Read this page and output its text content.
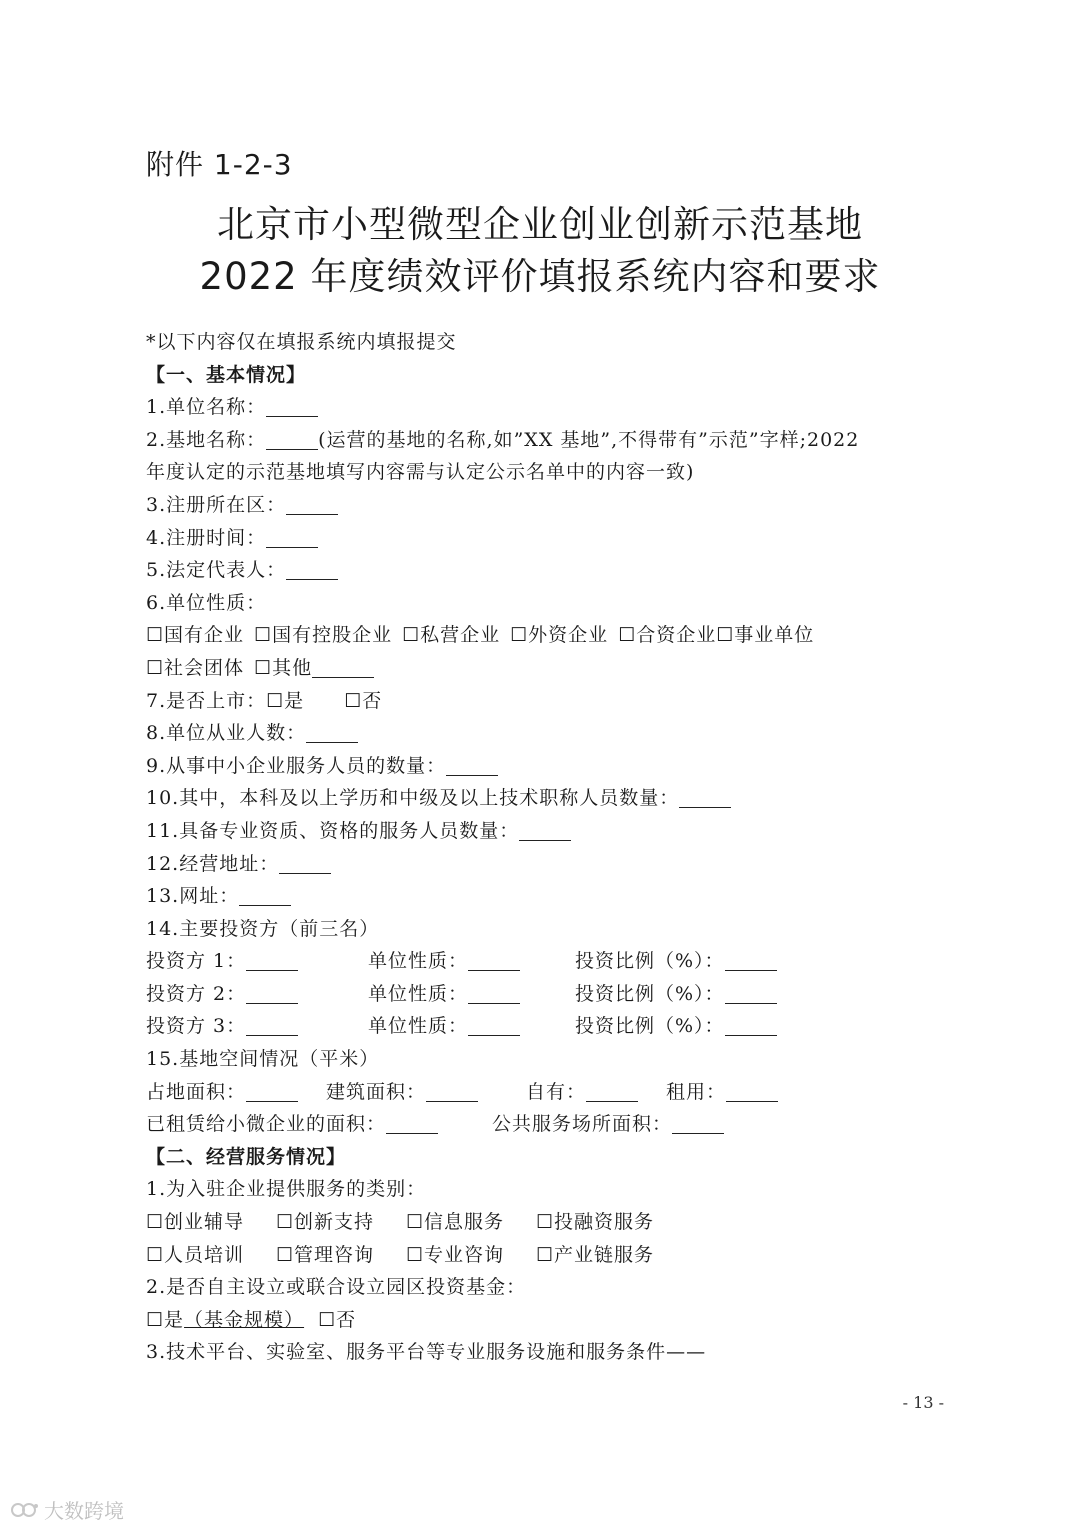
附件 1-2-3
北京市小型微型企业创业创新示范基地
2022 年度绩效评价填报系统内容和要求
*以下内容仅在填报系统内填报提交
【一、基本情况】
1.单位名称：
2.基地名称：	(运营的基地的名称,如”XX 基地”,不得带有”示范”字样;2022
年度认定的示范基地填写内容需与认定公示名单中的内容一致)
3.注册所在区：
4.注册时间：
5.法定代表人：
6.单位性质：
☐国有企业 ☐国有控股企业 ☐私营企业 ☐外资企业 ☐合资企业☐事业单位
☐社会团体 ☐其他
7.是否上市：☐是 ☐否
8.单位从业人数：
9.从事中小企业服务人员的数量：
10.其中，本科及以上学历和中级及以上技术职称人员数量：
11.具备专业资质、资格的服务人员数量：
12.经营地址：
13.网址：
14.主要投资方（前三名）
投资方 1：	单位性质：	投资比例（%）：
投资方 2：	单位性质：	投资比例（%）：
投资方 3：	单位性质：	投资比例（%）：
15.基地空间情况（平米）
占地面积：	建筑面积：	自有：	租用：
已租赁给小微企业的面积：	公共服务场所面积：
【二、经营服务情况】
1.为入驻企业提供服务的类别：
☐创业辅导 ☐创新支持 ☐信息服务 ☐投融资服务
☐人员培训 ☐管理咨询 ☐专业咨询 ☐产业链服务
2.是否自主设立或联合设立园区投资基金：
☐是（基金规模） ☐否
3.技术平台、实验室、服务平台等专业服务设施和服务条件——
- 13 -
大数跨境
